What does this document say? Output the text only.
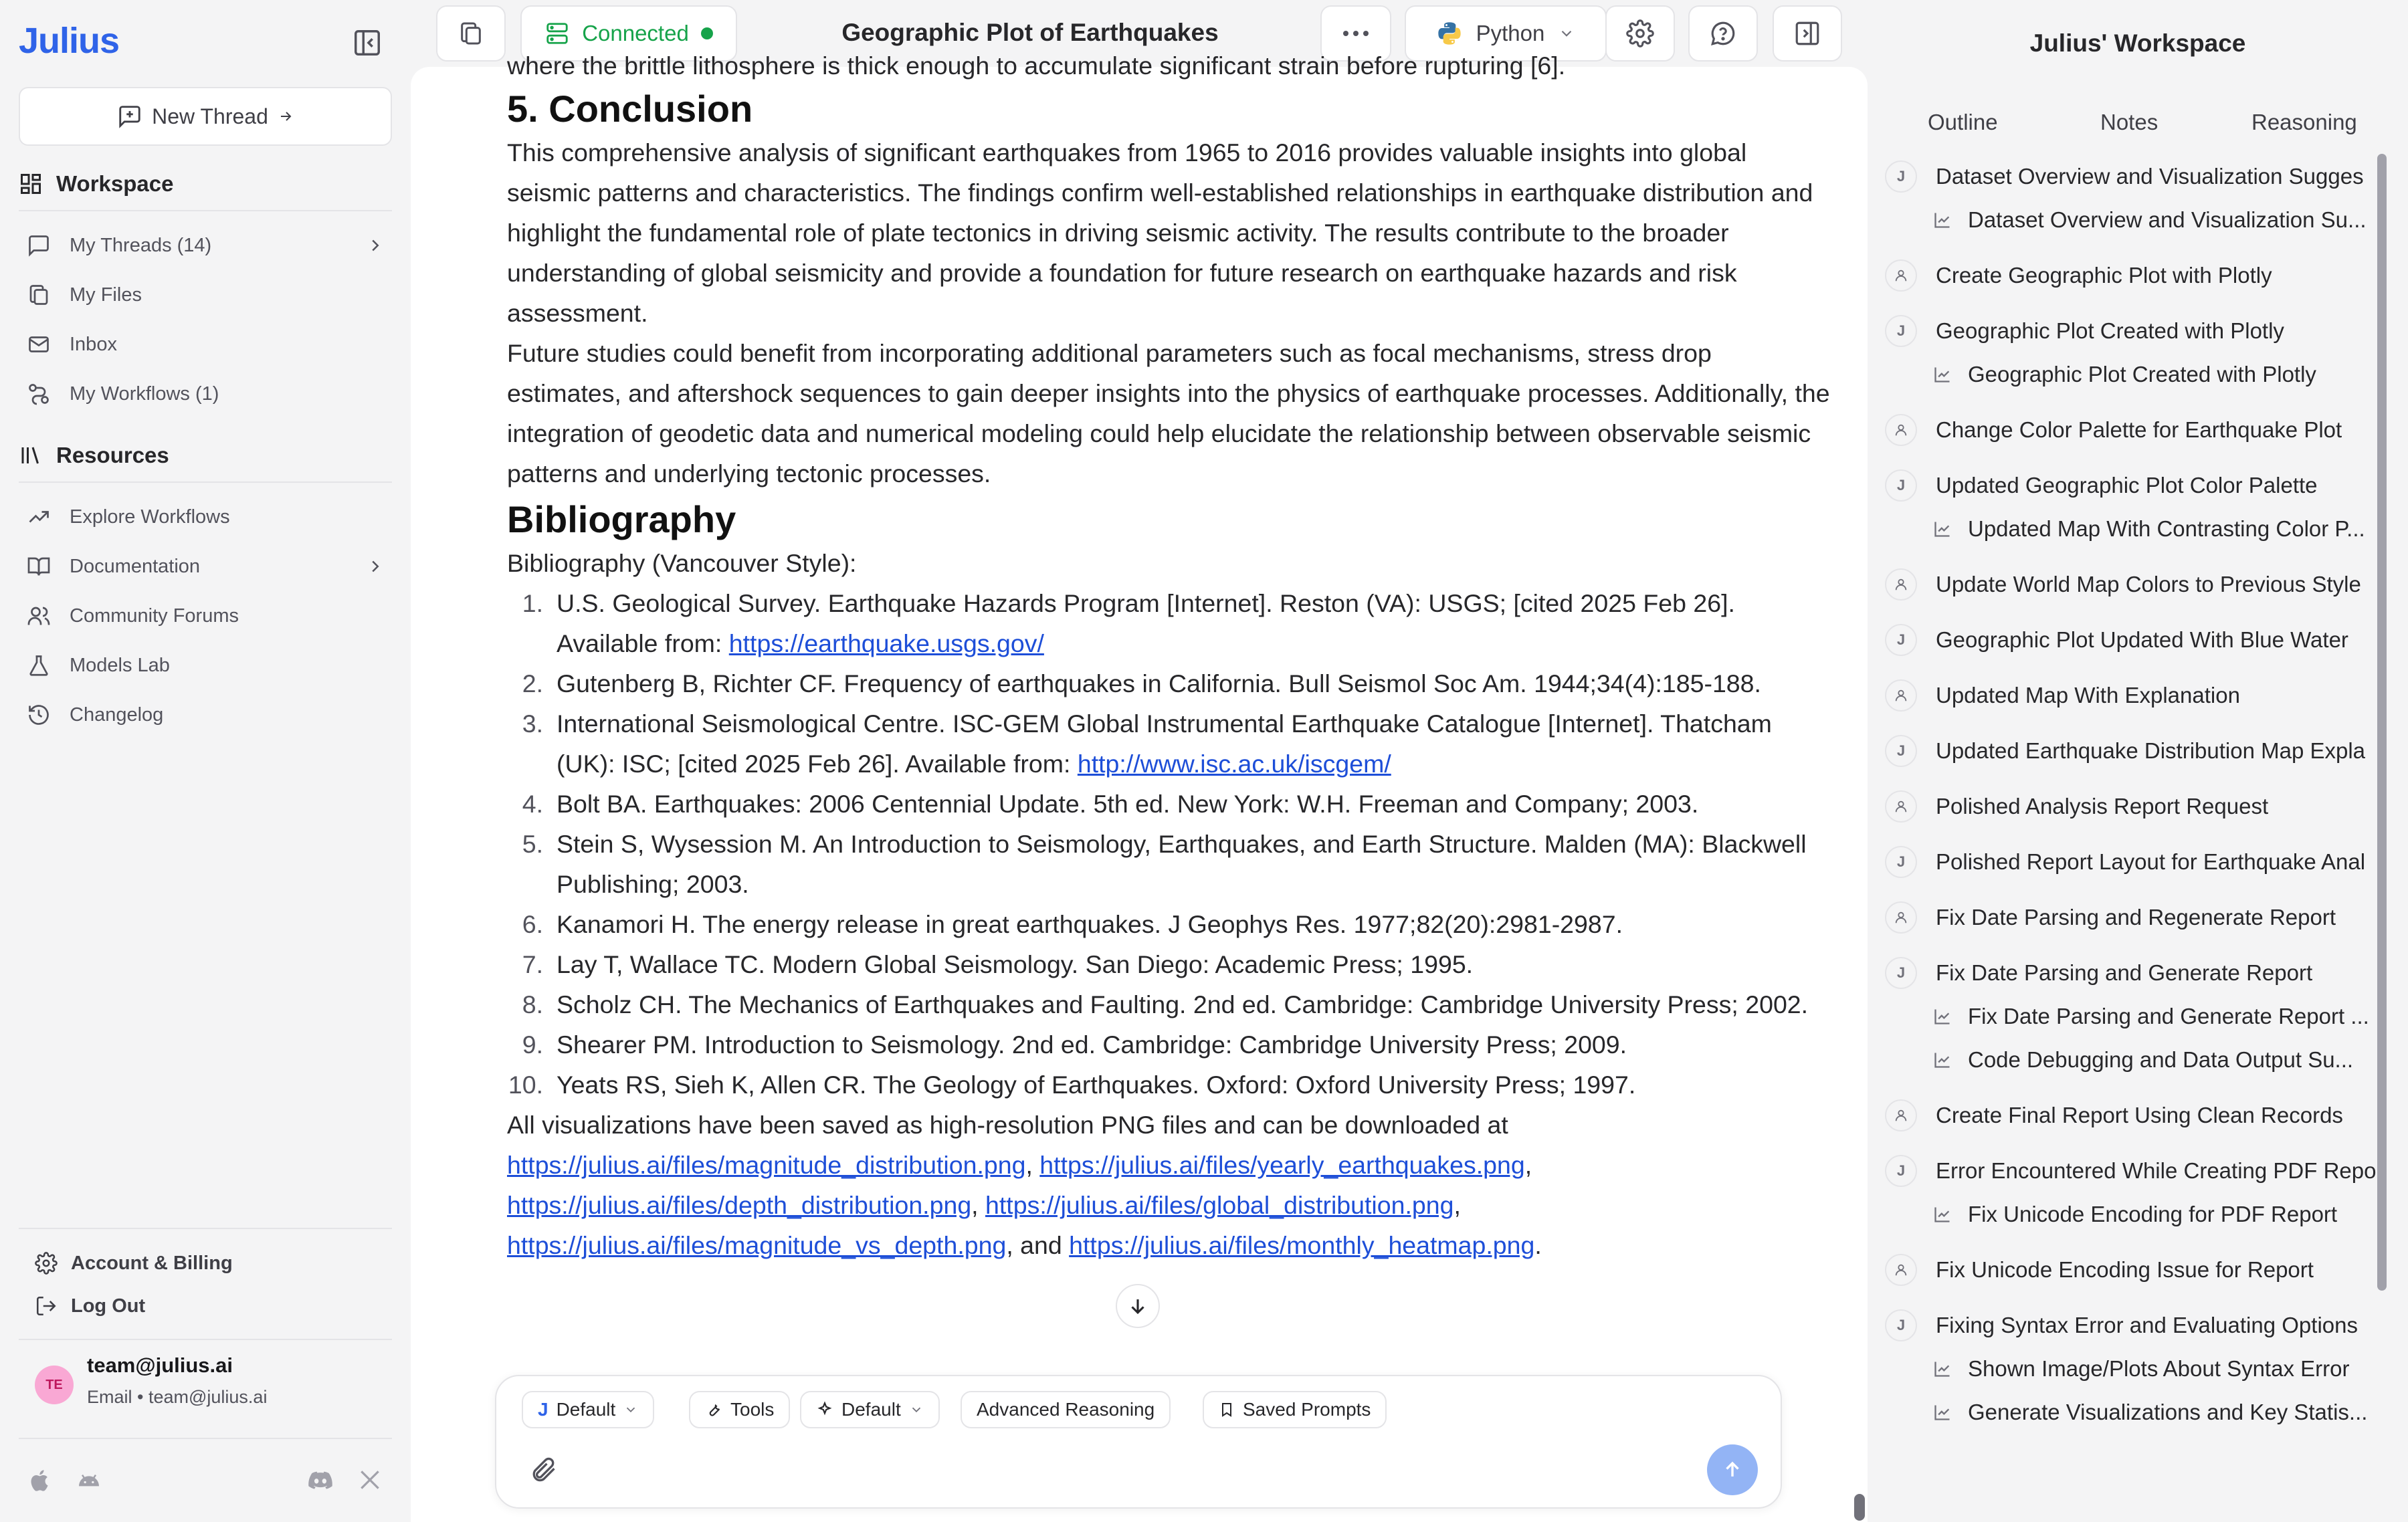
Julius
New Thread
Workspace
My Threads (14)
My Files
Inbox
My Workflows (1)
Resources
Explore Workflows
Documentation
Community Forums
Models Lab
Changelog
Account & Billing
Log Out
TE
team@julius.ai
Email • team@julius.ai
Connected	Geographic Plot of Earthquakes	Python

where the brittle lithosphere is thick enough to accumulate significant strain before rupturing [6].

5. Conclusion

This comprehensive analysis of significant earthquakes from 1965 to 2016 provides valuable insights into global seismic patterns and characteristics. The findings confirm well-established relationships in earthquake distribution and highlight the fundamental role of plate tectonics in driving seismic activity. The results contribute to the broader understanding of global seismicity and provide a foundation for future research on earthquake hazards and risk assessment.

Future studies could benefit from incorporating additional parameters such as focal mechanisms, stress drop estimates, and aftershock sequences to gain deeper insights into the physics of earthquake processes. Additionally, the integration of geodetic data and numerical modeling could help elucidate the relationship between observable seismic patterns and underlying tectonic processes.

Bibliography

Bibliography (Vancouver Style):

1. U.S. Geological Survey. Earthquake Hazards Program [Internet]. Reston (VA): USGS; [cited 2025 Feb 26]. Available from: https://earthquake.usgs.gov/
2. Gutenberg B, Richter CF. Frequency of earthquakes in California. Bull Seismol Soc Am. 1944;34(4):185-188.
3. International Seismological Centre. ISC-GEM Global Instrumental Earthquake Catalogue [Internet]. Thatcham (UK): ISC; [cited 2025 Feb 26]. Available from: http://www.isc.ac.uk/iscgem/
4. Bolt BA. Earthquakes: 2006 Centennial Update. 5th ed. New York: W.H. Freeman and Company; 2003.
5. Stein S, Wysession M. An Introduction to Seismology, Earthquakes, and Earth Structure. Malden (MA): Blackwell Publishing; 2003.
6. Kanamori H. The energy release in great earthquakes. J Geophys Res. 1977;82(20):2981-2987.
7. Lay T, Wallace TC. Modern Global Seismology. San Diego: Academic Press; 1995.
8. Scholz CH. The Mechanics of Earthquakes and Faulting. 2nd ed. Cambridge: Cambridge University Press; 2002.
9. Shearer PM. Introduction to Seismology. 2nd ed. Cambridge: Cambridge University Press; 2009.
10. Yeats RS, Sieh K, Allen CR. The Geology of Earthquakes. Oxford: Oxford University Press; 1997.

All visualizations have been saved as high-resolution PNG files and can be downloaded at
https://julius.ai/files/magnitude_distribution.png, https://julius.ai/files/yearly_earthquakes.png,
https://julius.ai/files/depth_distribution.png, https://julius.ai/files/global_distribution.png,
https://julius.ai/files/magnitude_vs_depth.png, and https://julius.ai/files/monthly_heatmap.png.

J Default	Tools	Default	Advanced Reasoning	Saved Prompts
Julius' Workspace
Outline	Notes	Reasoning
J	Dataset Overview and Visualization Sugges
Dataset Overview and Visualization Su...
Create Geographic Plot with Plotly
J	Geographic Plot Created with Plotly
Geographic Plot Created with Plotly
Change Color Palette for Earthquake Plot
J	Updated Geographic Plot Color Palette
Updated Map With Contrasting Color P...
Update World Map Colors to Previous Style
J	Geographic Plot Updated With Blue Water
Updated Map With Explanation
J	Updated Earthquake Distribution Map Expla
Polished Analysis Report Request
J	Polished Report Layout for Earthquake Anal
Fix Date Parsing and Regenerate Report
J	Fix Date Parsing and Generate Report
Fix Date Parsing and Generate Report ...
Code Debugging and Data Output Su...
Create Final Report Using Clean Records
J	Error Encountered While Creating PDF Repo
Fix Unicode Encoding for PDF Report
Fix Unicode Encoding Issue for Report
J	Fixing Syntax Error and Evaluating Options
Shown Image/Plots About Syntax Error
Generate Visualizations and Key Statis...
